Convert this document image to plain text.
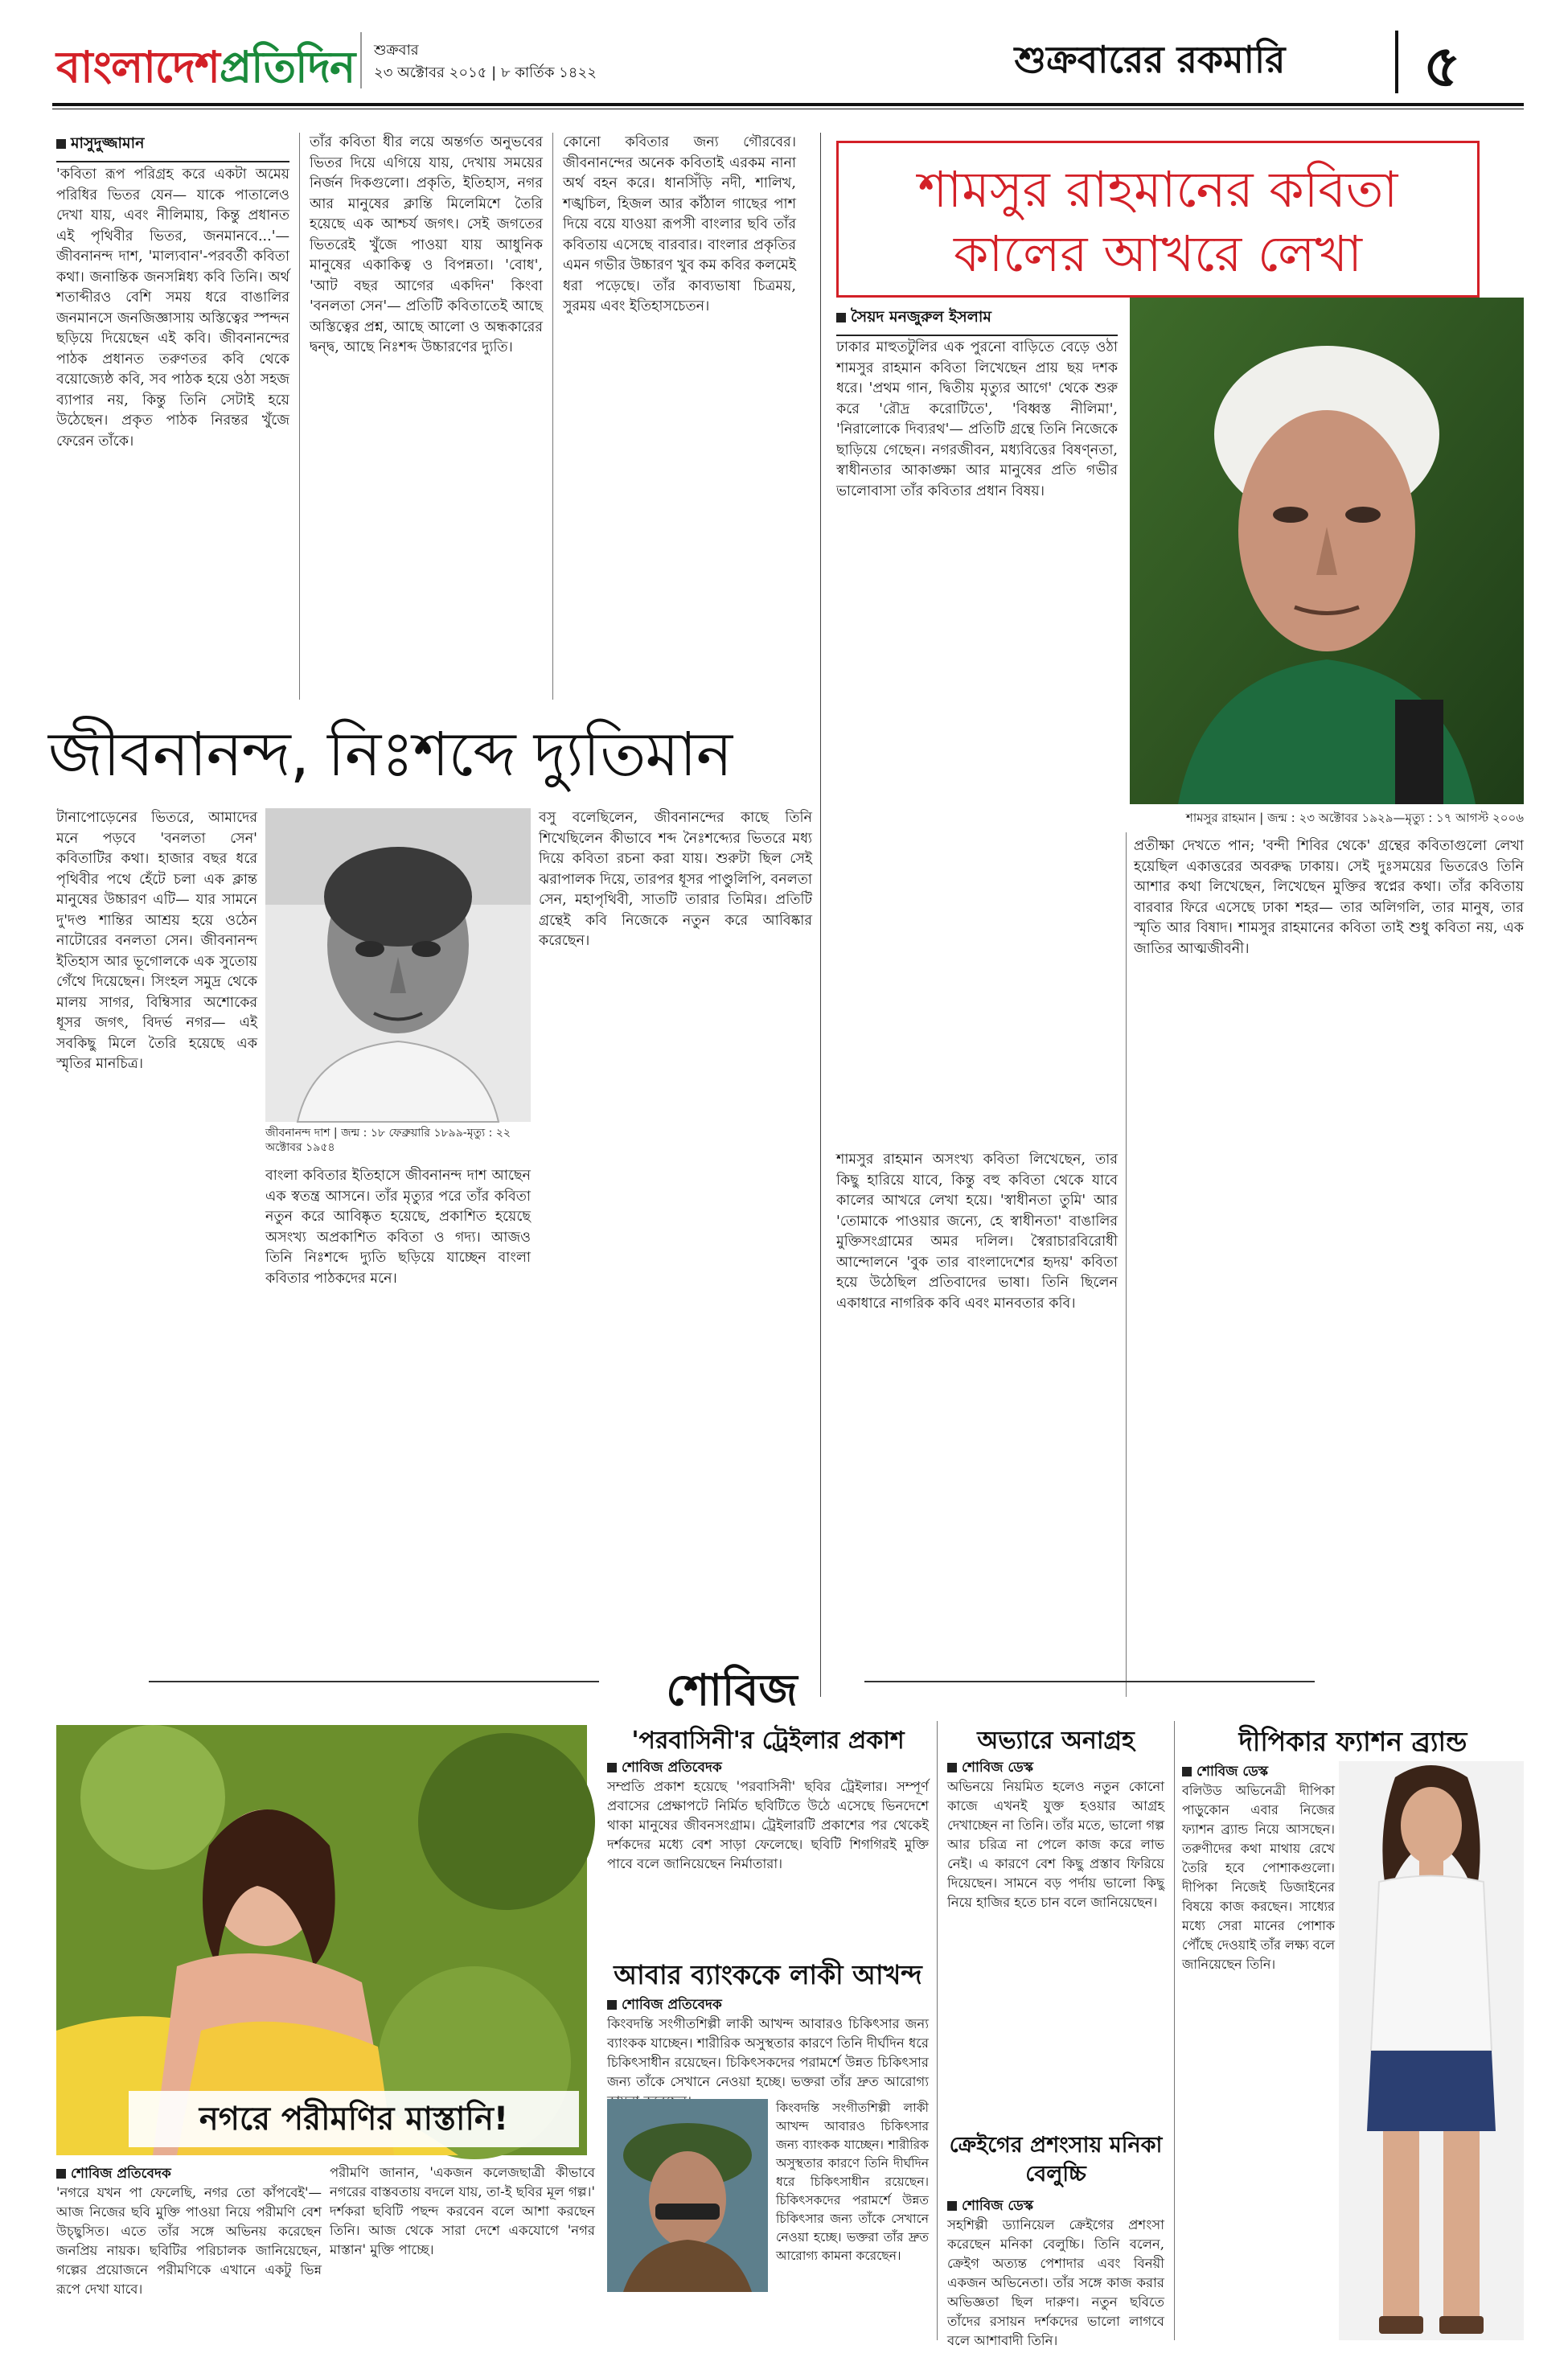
বাংলাদেশপ্রতিদিন শুক্রবার
২৩ অক্টোবর ২০১৫ | ৮ কার্তিক ১৪২২	শুক্রবারের রকমারি	৫
মাসুদুজ্জামান

'কবিতা রূপ পরিগ্রহ করে একটা অমেয় পরিধির ভিতর যেন— যাকে পাতালেও দেখা যায়, এবং নীলিমায়, কিন্তু প্রধানত এই পৃথিবীর ভিতর, জনমানবে...'— জীবনানন্দ দাশ, 'মাল্যবান'-পরবর্তী কবিতা কথা। জনান্তিক জনসন্নিধ্য কবি তিনি। অর্থ শতাব্দীরও বেশি সময় ধরে বাঙালির জনমানসে জনজিজ্ঞাসায় অস্তিত্বের স্পন্দন ছড়িয়ে দিয়েছেন এই কবি। জীবনানন্দের পাঠক প্রধানত তরুণতর কবি থেকে বয়োজ্যেষ্ঠ কবি, সব পাঠক হয়ে ওঠা সহজ ব্যাপার নয়, কিন্তু তিনি সেটাই হয়ে উঠেছেন। প্রকৃত পাঠক নিরন্তর খুঁজে ফেরেন তাঁকে।

তাঁর কবিতা ধীর লয়ে অন্তর্গত অনুভবের ভিতর দিয়ে এগিয়ে যায়, দেখায় সময়ের নির্জন দিকগুলো। প্রকৃতি, ইতিহাস, নগর আর মানুষের ক্লান্তি মিলেমিশে তৈরি হয়েছে এক আশ্চর্য জগৎ। সেই জগতের ভিতরেই খুঁজে পাওয়া যায় আধুনিক মানুষের একাকিত্ব ও বিপন্নতা। 'বোধ', 'আট বছর আগের একদিন' কিংবা 'বনলতা সেন'— প্রতিটি কবিতাতেই আছে অস্তিত্বের প্রশ্ন, আছে আলো ও অন্ধকারের দ্বন্দ্ব, আছে নিঃশব্দ উচ্চারণের দ্যুতি।

কোনো কবিতার জন্য গৌরবের। জীবনানন্দের অনেক কবিতাই এরকম নানা অর্থ বহন করে। ধানসিঁড়ি নদী, শালিখ, শঙ্খচিল, হিজল আর কাঁঠাল গাছের পাশ দিয়ে বয়ে যাওয়া রূপসী বাংলার ছবি তাঁর কবিতায় এসেছে বারবার। বাংলার প্রকৃতির এমন গভীর উচ্চারণ খুব কম কবির কলমেই ধরা পড়েছে। তাঁর কাব্যভাষা চিত্রময়, সুরময় এবং ইতিহাসচেতন।

জীবনানন্দ, নিঃশব্দে দ্যুতিমান

টানাপোড়েনের ভিতরে, আমাদের মনে পড়বে 'বনলতা সেন' কবিতাটির কথা। হাজার বছর ধরে পৃথিবীর পথে হেঁটে চলা এক ক্লান্ত মানুষের উচ্চারণ এটি— যার সামনে দু'দণ্ড শান্তির আশ্রয় হয়ে ওঠেন নাটোরের বনলতা সেন। জীবনানন্দ ইতিহাস আর ভূগোলকে এক সুতোয় গেঁথে দিয়েছেন। সিংহল সমুদ্র থেকে মালয় সাগর, বিম্বিসার অশোকের ধূসর জগৎ, বিদর্ভ নগর— এই সবকিছু মিলে তৈরি হয়েছে এক স্মৃতির মানচিত্র।

জীবনানন্দ দাশ | জন্ম : ১৮ ফেব্রুয়ারি ১৮৯৯-মৃত্যু : ২২ অক্টোবর ১৯৫৪

বসু বলেছিলেন, জীবনানন্দের কাছে তিনি শিখেছিলেন কীভাবে শব্দ নৈঃশব্দ্যের ভিতরে মধ্য দিয়ে কবিতা রচনা করা যায়। শুরুটা ছিল সেই ঝরাপালক দিয়ে, তারপর ধূসর পাণ্ডুলিপি, বনলতা সেন, মহাপৃথিবী, সাতটি তারার তিমির। প্রতিটি গ্রন্থেই কবি নিজেকে নতুন করে আবিষ্কার করেছেন।

বাংলা কবিতার ইতিহাসে জীবনানন্দ দাশ আছেন এক স্বতন্ত্র আসনে। তাঁর মৃত্যুর পরে তাঁর কবিতা নতুন করে আবিষ্কৃত হয়েছে, প্রকাশিত হয়েছে অসংখ্য অপ্রকাশিত কবিতা ও গদ্য। আজও তিনি নিঃশব্দে দ্যুতি ছড়িয়ে যাচ্ছেন বাংলা কবিতার পাঠকদের মনে।

শামসুর রাহমানের কবিতা
কালের আখরে লেখা
সৈয়দ মনজুরুল ইসলাম

ঢাকার মাহুতটুলির এক পুরনো বাড়িতে বেড়ে ওঠা শামসুর রাহমান কবিতা লিখেছেন প্রায় ছয় দশক ধরে। 'প্রথম গান, দ্বিতীয় মৃত্যুর আগে' থেকে শুরু করে 'রৌদ্র করোটিতে', 'বিধ্বস্ত নীলিমা', 'নিরালোকে দিব্যরথ'— প্রতিটি গ্রন্থে তিনি নিজেকে ছাড়িয়ে গেছেন। নগরজীবন, মধ্যবিত্তের বিষণ্নতা, স্বাধীনতার আকাঙ্ক্ষা আর মানুষের প্রতি গভীর ভালোবাসা তাঁর কবিতার প্রধান বিষয়।

শামসুর রাহমান | জন্ম : ২৩ অক্টোবর ১৯২৯—মৃত্যু : ১৭ আগস্ট ২০০৬

শামসুর রাহমান অসংখ্য কবিতা লিখেছেন, তার কিছু হারিয়ে যাবে, কিন্তু বহু কবিতা থেকে যাবে কালের আখরে লেখা হয়ে। 'স্বাধীনতা তুমি' আর 'তোমাকে পাওয়ার জন্যে, হে স্বাধীনতা' বাঙালির মুক্তিসংগ্রামের অমর দলিল। স্বৈরাচারবিরোধী আন্দোলনে 'বুক তার বাংলাদেশের হৃদয়' কবিতা হয়ে উঠেছিল প্রতিবাদের ভাষা। তিনি ছিলেন একাধারে নাগরিক কবি এবং মানবতার কবি।

প্রতীক্ষা দেখতে পান; 'বন্দী শিবির থেকে' গ্রন্থের কবিতাগুলো লেখা হয়েছিল একাত্তরের অবরুদ্ধ ঢাকায়। সেই দুঃসময়ের ভিতরেও তিনি আশার কথা লিখেছেন, লিখেছেন মুক্তির স্বপ্নের কথা। তাঁর কবিতায় বারবার ফিরে এসেছে ঢাকা শহর— তার অলিগলি, তার মানুষ, তার স্মৃতি আর বিষাদ। শামসুর রাহমানের কবিতা তাই শুধু কবিতা নয়, এক জাতির আত্মজীবনী।

শোবিজ
নগরে পরীমণির মাস্তানি!
শোবিজ প্রতিবেদক

'নগরে যখন পা ফেলেছি, নগর তো কাঁপবেই'— আজ নিজের ছবি মুক্তি পাওয়া নিয়ে পরীমণি বেশ উচ্ছ্বসিত। এতে তাঁর সঙ্গে অভিনয় করেছেন জনপ্রিয় নায়ক। ছবিটির পরিচালক জানিয়েছেন, গল্পের প্রয়োজনে পরীমণিকে এখানে একটু ভিন্ন রূপে দেখা যাবে।

পরীমণি জানান, 'একজন কলেজছাত্রী কীভাবে নগরের বাস্তবতায় বদলে যায়, তা-ই ছবির মূল গল্প।' দর্শকরা ছবিটি পছন্দ করবেন বলে আশা করছেন তিনি। আজ থেকে সারা দেশে একযোগে 'নগর মাস্তান' মুক্তি পাচ্ছে।

'পরবাসিনী'র ট্রেইলার প্রকাশ
শোবিজ প্রতিবেদক

সম্প্রতি প্রকাশ হয়েছে 'পরবাসিনী' ছবির ট্রেইলার। সম্পূর্ণ প্রবাসের প্রেক্ষাপটে নির্মিত ছবিটিতে উঠে এসেছে ভিনদেশে থাকা মানুষের জীবনসংগ্রাম। ট্রেইলারটি প্রকাশের পর থেকেই দর্শকদের মধ্যে বেশ সাড়া ফেলেছে। ছবিটি শিগগিরই মুক্তি পাবে বলে জানিয়েছেন নির্মাতারা।

আবার ব্যাংককে লাকী আখন্দ
শোবিজ প্রতিবেদক

কিংবদন্তি সংগীতশিল্পী লাকী আখন্দ আবারও চিকিৎসার জন্য ব্যাংকক যাচ্ছেন। শারীরিক অসুস্থতার কারণে তিনি দীর্ঘদিন ধরে চিকিৎসাধীন রয়েছেন। চিকিৎসকদের পরামর্শে উন্নত চিকিৎসার জন্য তাঁকে সেখানে নেওয়া হচ্ছে। ভক্তরা তাঁর দ্রুত আরোগ্য

কিংবদন্তি সংগীতশিল্পী লাকী আখন্দ আবারও চিকিৎসার জন্য ব্যাংকক যাচ্ছেন। শারীরিক অসুস্থতার কারণে তিনি দীর্ঘদিন ধরে চিকিৎসাধীন রয়েছেন। চিকিৎসকদের পরামর্শে উন্নত চিকিৎসার জন্য তাঁকে সেখানে নেওয়া হচ্ছে। ভক্তরা তাঁর দ্রুত আরোগ্য কামনা করেছেন।

অভ্যারে অনাগ্রহ
শোবিজ ডেস্ক

অভিনয়ে নিয়মিত হলেও নতুন কোনো কাজে এখনই যুক্ত হওয়ার আগ্রহ দেখাচ্ছেন না তিনি। তাঁর মতে, ভালো গল্প আর চরিত্র না পেলে কাজ করে লাভ নেই। এ কারণে বেশ কিছু প্রস্তাব ফিরিয়ে দিয়েছেন। সামনে বড় পর্দায় ভালো কিছু নিয়ে হাজির হতে চান বলে জানিয়েছেন।

ক্রেইগের প্রশংসায় মনিকা বেলুচ্চি
শোবিজ ডেস্ক

সহশিল্পী ড্যানিয়েল ক্রেইগের প্রশংসা করেছেন মনিকা বেলুচ্চি। তিনি বলেন, ক্রেইগ অত্যন্ত পেশাদার এবং বিনয়ী একজন অভিনেতা। তাঁর সঙ্গে কাজ করার অভিজ্ঞতা ছিল দারুণ। নতুন ছবিতে তাঁদের রসায়ন দর্শকদের ভালো লাগবে বলে আশাবাদী তিনি।

দীপিকার ফ্যাশন ব্র্যান্ড
শোবিজ ডেস্ক

বলিউড অভিনেত্রী দীপিকা পাড়ুকোন এবার নিজের ফ্যাশন ব্র্যান্ড নিয়ে আসছেন। তরুণীদের কথা মাথায় রেখে তৈরি হবে পোশাকগুলো। দীপিকা নিজেই ডিজাইনের বিষয়ে কাজ করছেন। সাধ্যের মধ্যে সেরা মানের পোশাক পৌঁছে দেওয়াই তাঁর লক্ষ্য বলে জানিয়েছেন তিনি।
